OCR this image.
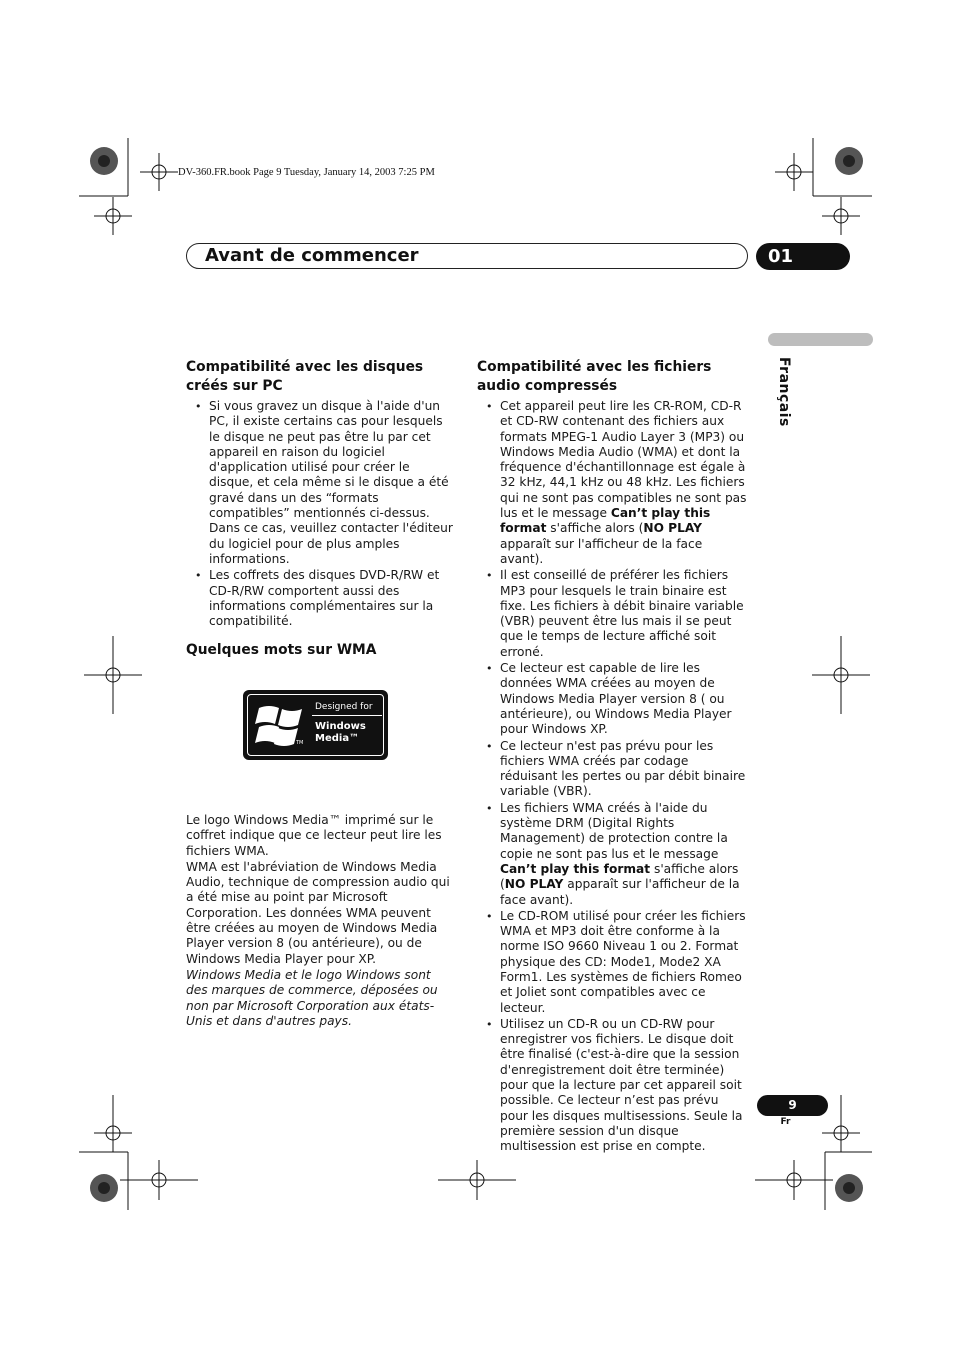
DV-360.FR.book Page 9 Tuesday, January 14, 2003 7:25 PM
Avant de commencer	01
Français
Compatibilité avec les disques créés sur PC
• Si vous gravez un disque à l'aide d'un PC, il existe certains cas pour lesquels le disque ne peut pas être lu par cet appareil en raison du logiciel d'application utilisé pour créer le disque, et cela même si le disque a été gravé dans un des “formats compatibles” mentionnés ci-dessus. Dans ce cas, veuillez contacter l'éditeur du logiciel pour de plus amples informations.
• Les coffrets des disques DVD-R/RW et CD-R/RW comportent aussi des informations complémentaires sur la compatibilité.
Quelques mots sur WMA
Designed for
Windows
Media™
TM

Le logo Windows Media™ imprimé sur le coffret indique que ce lecteur peut lire les fichiers WMA.

WMA est l'abréviation de Windows Media Audio, technique de compression audio qui a été mise au point par Microsoft Corporation. Les données WMA peuvent être créées au moyen de Windows Media Player version 8 (ou antérieure), ou de Windows Media Player pour XP.

Windows Media et le logo Windows sont des marques de commerce, déposées ou non par Microsoft Corporation aux états-Unis et dans d'autres pays.

Compatibilité avec les fichiers audio compressés
• Cet appareil peut lire les CR-ROM, CD-R et CD-RW contenant des fichiers aux formats MPEG-1 Audio Layer 3 (MP3) ou Windows Media Audio (WMA) et dont la fréquence d'échantillonnage est égale à 32 kHz, 44,1 kHz ou 48 kHz. Les fichiers qui ne sont pas compatibles ne sont pas lus et le message Can’t play this format s'affiche alors (NO PLAY apparaît sur l'afficheur de la face avant).
• Il est conseillé de préférer les fichiers MP3 pour lesquels le train binaire est fixe. Les fichiers à débit binaire variable (VBR) peuvent être lus mais il se peut que le temps de lecture affiché soit erroné.
• Ce lecteur est capable de lire les données WMA créées au moyen de Windows Media Player version 8 ( ou antérieure), ou Windows Media Player pour Windows XP.
• Ce lecteur n'est pas prévu pour les fichiers WMA créés par codage réduisant les pertes ou par débit binaire variable (VBR).
• Les fichiers WMA créés à l'aide du système DRM (Digital Rights Management) de protection contre la copie ne sont pas lus et le message Can’t play this format s'affiche alors (NO PLAY apparaît sur l'afficheur de la face avant).
• Le CD-ROM utilisé pour créer les fichiers WMA et MP3 doit être conforme à la norme ISO 9660 Niveau 1 ou 2. Format physique des CD: Mode1, Mode2 XA Form1. Les systèmes de fichiers Romeo et Joliet sont compatibles avec ce lecteur.
• Utilisez un CD-R ou un CD-RW pour enregistrer vos fichiers. Le disque doit être finalisé (c'est-à-dire que la session d'enregistrement doit être terminée) pour que la lecture par cet appareil soit possible. Ce lecteur n’est pas prévu pour les disques multisessions. Seule la première session d'un disque multisession est prise en compte.
9
Fr
